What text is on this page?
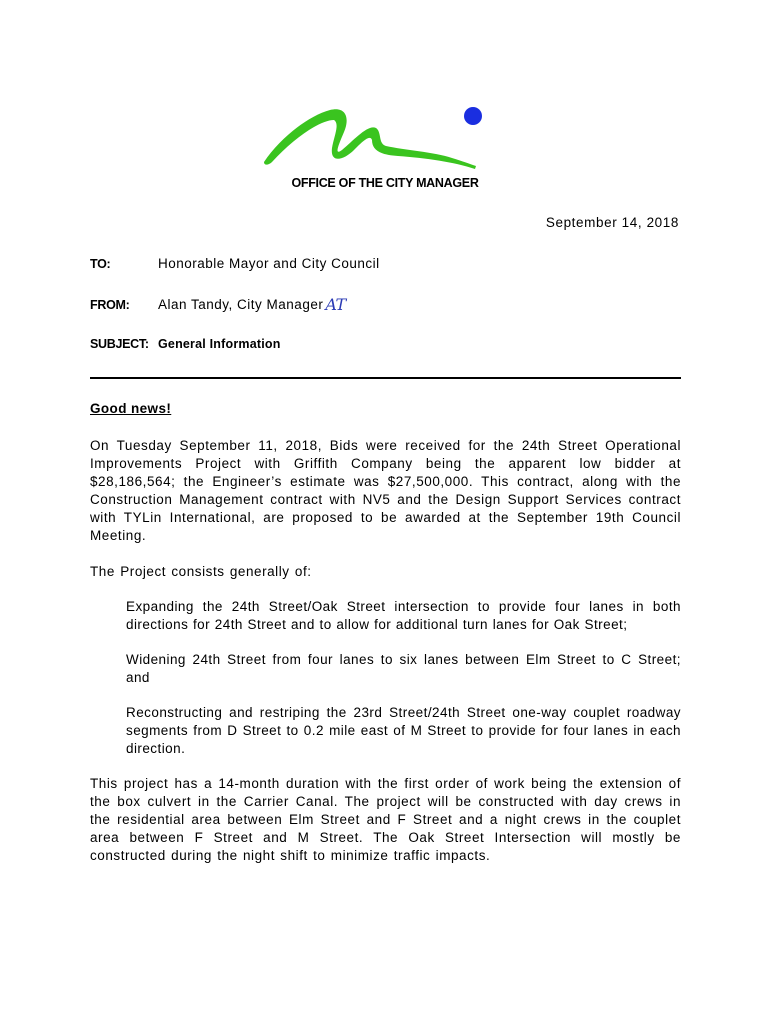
OFFICE OF THE CITY MANAGER
September 14, 2018
TO:	Honorable Mayor and City Council
FROM: Alan Tandy, City Manager AT
SUBJECT: General Information
Good news!
On Tuesday September 11, 2018, Bids were received for the 24th Street Operational Improvements Project with Griffith Company being the apparent low bidder at $28,186,564; the Engineer’s estimate was $27,500,000. This contract, along with the Construction Management contract with NV5 and the Design Support Services contract with TYLin International, are proposed to be awarded at the September 19th Council Meeting.
The Project consists generally of:
Expanding the 24th Street/Oak Street intersection to provide four lanes in both directions for 24th Street and to allow for additional turn lanes for Oak Street;
Widening 24th Street from four lanes to six lanes between Elm Street to C Street; and
Reconstructing and restriping the 23rd Street/24th Street one-way couplet roadway segments from D Street to 0.2 mile east of M Street to provide for four lanes in each direction.
This project has a 14-month duration with the first order of work being the extension of the box culvert in the Carrier Canal. The project will be constructed with day crews in the residential area between Elm Street and F Street and a night crews in the couplet area between F Street and M Street. The Oak Street Intersection will mostly be constructed during the night shift to minimize traffic impacts.
